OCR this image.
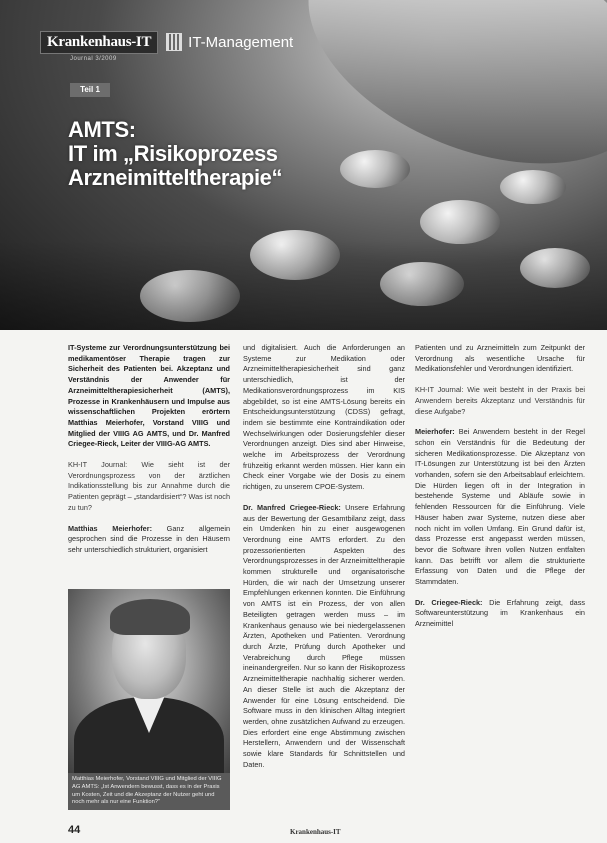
Krankenhaus-IT	IT-Management
Journal 3/2009
Teil 1
AMTS:
IT im „Risikoprozess
Arzneimitteltherapie“

IT-Systeme zur Verordnungsunterstützung bei medikamentöser Therapie tragen zur Sicherheit des Patienten bei. Akzeptanz und Verständnis der Anwender für Arzneimitteltherapiesicherheit (AMTS), Prozesse in Krankenhäusern und Impulse aus wissenschaftlichen Projekten erörtern Matthias Meierhofer, Vorstand VIIIG und Mitglied der VIIIG AG AMTS, und Dr. Manfred Criegee-Rieck, Leiter der VIIIG-AG AMTS.

KH-IT Journal: Wie sieht ist der Verordnungsprozess von der ärztlichen Indikationsstellung bis zur Annahme durch die Patienten geprägt – „standardisiert“? Was ist noch zu tun?

Matthias Meierhofer: Ganz allgemein gesprochen sind die Prozesse in den Häusern sehr unterschiedlich strukturiert, organisiert

Matthias Meierhofer, Vorstand VIIIG und Mitglied der VIIIG AG AMTS: „Ist Anwendern bewusst, dass es in der Praxis um Kosten, Zeit und die Akzeptanz der Nutzer geht und noch mehr als nur eine Funktion?“

und digitalisiert. Auch die Anforderungen an Systeme zur Medikation oder Arzneimitteltherapiesicherheit sind ganz unterschiedlich, ist der Medikationsverordnungsprozess im KIS abgebildet, so ist eine AMTS-Lösung bereits ein Entscheidungsunterstützung (CDSS) gefragt, indem sie bestimmte eine Kontraindikation oder Wechselwirkungen oder Dosierungsfehler dieser Verordnungen anzeigt. Dies sind aber Hinweise, welche im Arbeitsprozess der Verordnung frühzeitig erkannt werden müssen. Hier kann ein Check einer Vorgabe wie der Dosis zu einem richtigen, zu unserem CPOE-System.

Dr. Manfred Criegee-Rieck: Unsere Erfahrung aus der Bewertung der Gesamtbilanz zeigt, dass ein Umdenken hin zu einer ausgewogenen Verordnung eine AMTS erfordert. Zu den prozessorientierten Aspekten des Verordnungsprozesses in der Arzneimitteltherapie kommen strukturelle und organisatorische Hürden, die wir nach der Umsetzung unserer Empfehlungen erkennen konnten. Die Einführung von AMTS ist ein Prozess, der von allen Beteiligten getragen werden muss – im Krankenhaus genauso wie bei niedergelassenen Ärzten, Apotheken und Patienten. Verordnung durch Ärzte, Prüfung durch Apotheker und Verabreichung durch Pflege müssen ineinandergreifen. Nur so kann der Risikoprozess Arzneimitteltherapie nachhaltig sicherer werden. An dieser Stelle ist auch die Akzeptanz der Anwender für eine Lösung entscheidend. Die Software muss in den klinischen Alltag integriert werden, ohne zusätzlichen Aufwand zu erzeugen. Dies erfordert eine enge Abstimmung zwischen Herstellern, Anwendern und der Wissenschaft sowie klare Standards für Schnittstellen und Daten.

Patienten und zu Arzneimitteln zum Zeitpunkt der Verordnung als wesentliche Ursache für Medikationsfehler und Verordnungen identifiziert.

KH-IT Journal: Wie weit besteht in der Praxis bei Anwendern bereits Akzeptanz und Verständnis für diese Aufgabe?

Meierhofer: Bei Anwendern besteht in der Regel schon ein Verständnis für die Bedeutung der sicheren Medikationsprozesse. Die Akzeptanz von IT-Lösungen zur Unterstützung ist bei den Ärzten vorhanden, sofern sie den Arbeitsablauf erleichtern. Die Hürden liegen oft in der Integration in bestehende Systeme und Abläufe sowie in fehlenden Ressourcen für die Einführung. Viele Häuser haben zwar Systeme, nutzen diese aber noch nicht im vollen Umfang. Ein Grund dafür ist, dass Prozesse erst angepasst werden müssen, bevor die Software ihren vollen Nutzen entfalten kann. Das betrifft vor allem die strukturierte Erfassung von Daten und die Pflege der Stammdaten.

Dr. Criegee-Rieck: Die Erfahrung zeigt, dass Softwareunterstützung im Krankenhaus ein Arzneimittel

44	Krankenhaus-IT
